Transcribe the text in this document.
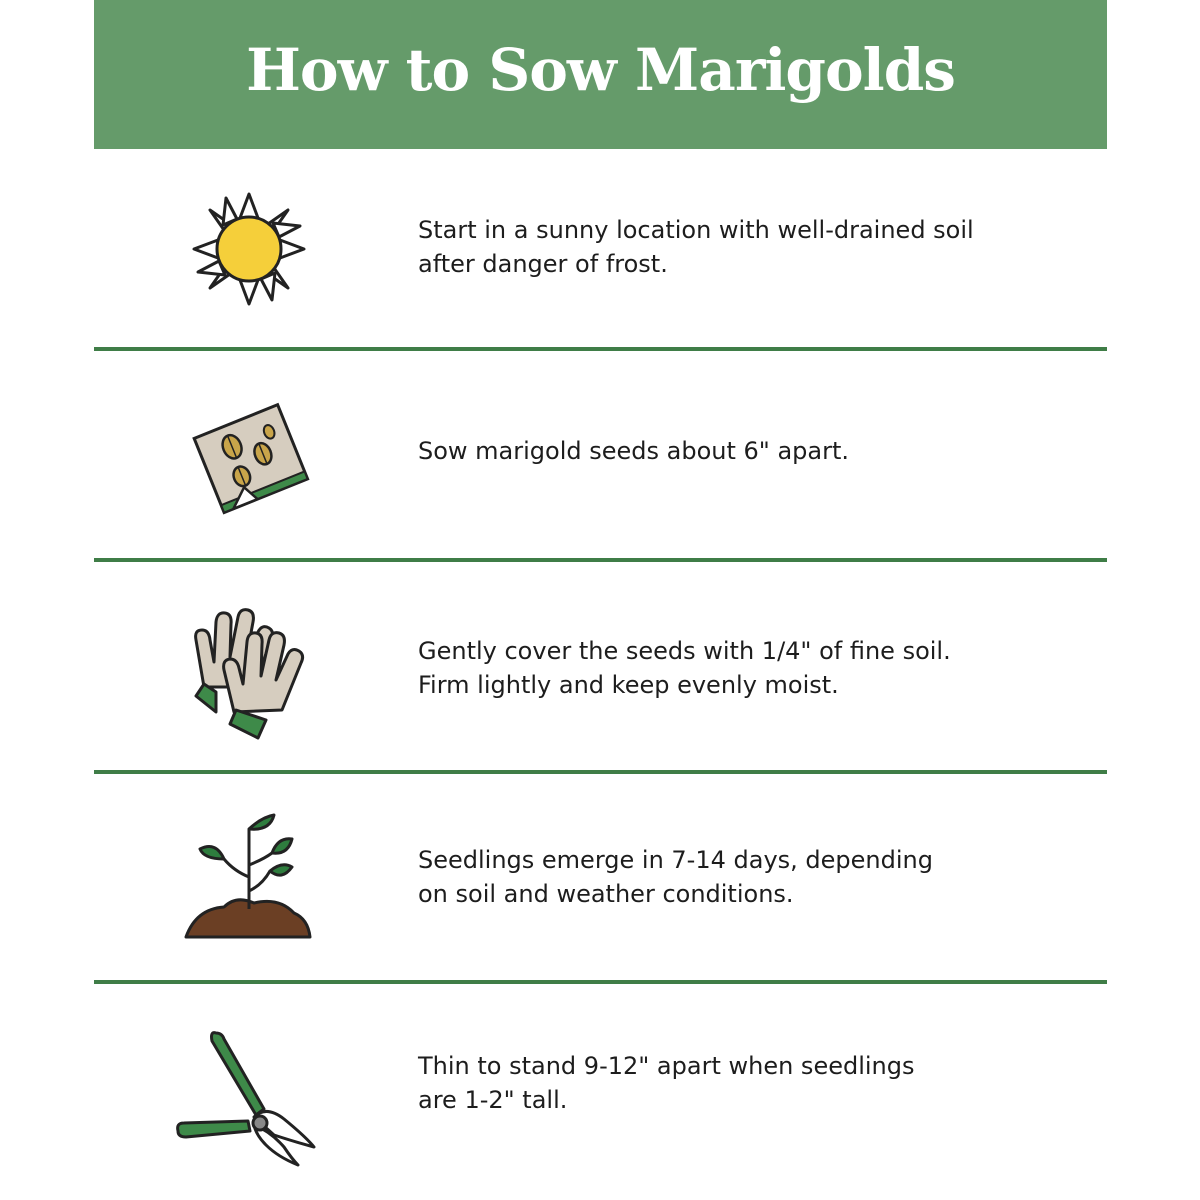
How to Sow Marigolds
Start in a sunny location with well-drained soil
after danger of frost.
Sow marigold seeds about 6" apart.
Gently cover the seeds with 1/4" of fine soil.
Firm lightly and keep evenly moist.
Seedlings emerge in 7-14 days, depending
on soil and weather conditions.
Thin to stand 9-12" apart when seedlings
are 1-2" tall.
